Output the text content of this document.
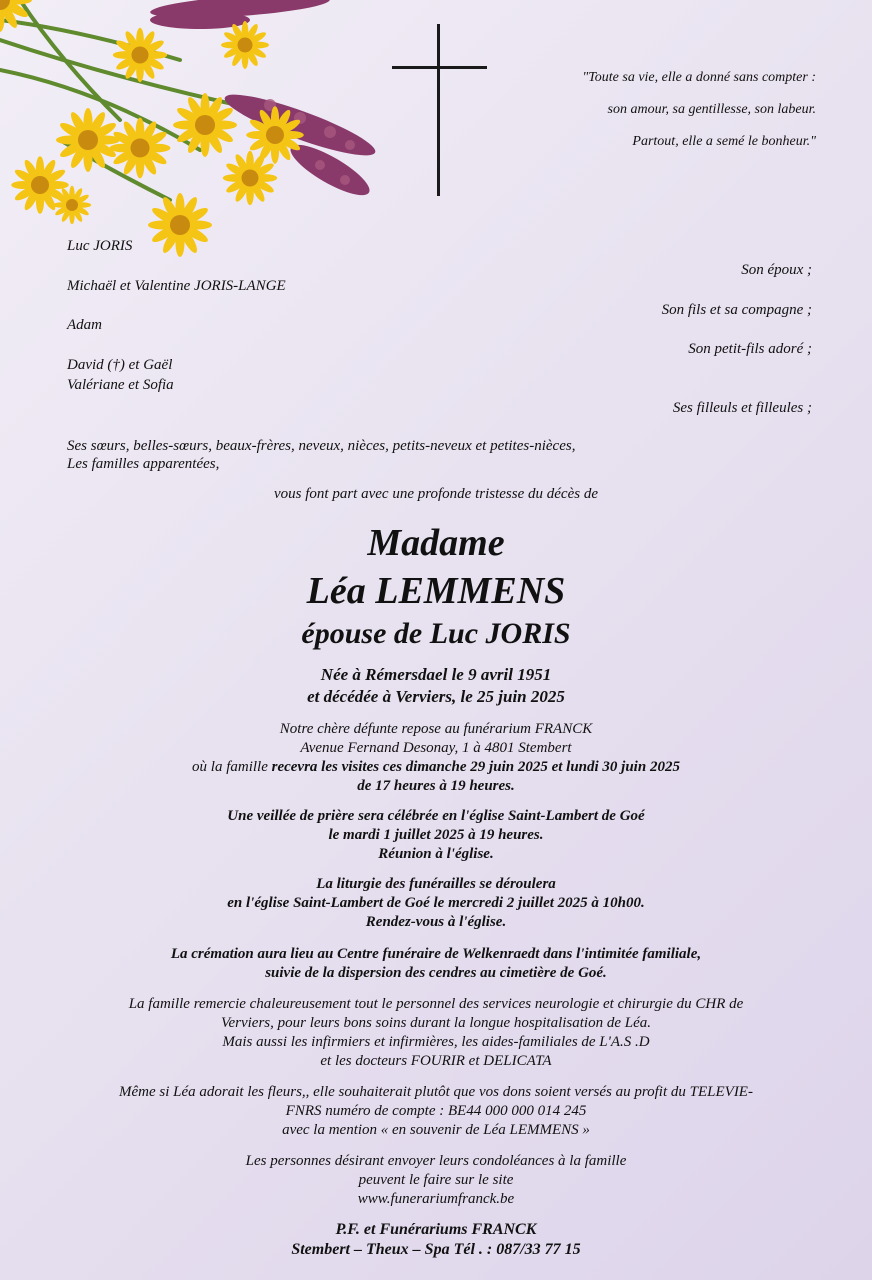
"Toute sa vie, elle a donné sans compter :
son amour, sa gentillesse, son labeur.
Partout, elle a semé le bonheur."
Luc JORIS
Michaël et Valentine JORIS-LANGE
Adam
David (†) et Gaël
Valériane et Sofia
Son époux ;
Son fils et sa compagne ;
Son petit-fils adoré ;
Ses filleuls et filleules ;
Ses sœurs, belles-sœurs, beaux-frères, neveux, nièces, petits-neveux et petites-nièces,
Les familles apparentées,
vous font part avec une profonde tristesse du décès de
Madame
Léa LEMMENS
épouse de Luc JORIS
Née à Rémersdael le 9 avril 1951
et décédée à Verviers, le 25 juin 2025
Notre chère défunte repose au funérarium FRANCK
Avenue Fernand Desonay, 1 à 4801 Stembert
où la famille recevra les visites ces dimanche 29 juin 2025 et lundi 30 juin 2025
de 17 heures à 19 heures.
Une veillée de prière sera célébrée en l'église Saint-Lambert de Goé
le mardi 1 juillet 2025 à 19 heures.
Réunion à l'église.
La liturgie des funérailles se déroulera
en l'église Saint-Lambert de Goé le mercredi 2 juillet 2025 à 10h00.
Rendez-vous à l'église.
La crémation aura lieu au Centre funéraire de Welkenraedt dans l'intimitée familiale,
suivie de la dispersion des cendres au cimetière de Goé.
La famille remercie chaleureusement tout le personnel des services neurologie et chirurgie du CHR de
Verviers, pour leurs bons soins durant la longue hospitalisation de Léa.
Mais aussi les infirmiers et infirmières, les aides-familiales de L'A.S .D
et les docteurs FOURIR et DELICATA
Même si Léa adorait les fleurs,, elle souhaiterait plutôt que vos dons soient versés au profit du TELEVIE-
FNRS numéro de compte : BE44 000 000 014 245
avec la mention « en souvenir de Léa LEMMENS »
Les personnes désirant envoyer leurs condoléances à la famille
peuvent le faire sur le site
www.funerariumfranck.be
P.F. et Funérariums FRANCK
Stembert – Theux – Spa Tél . : 087/33 77 15
